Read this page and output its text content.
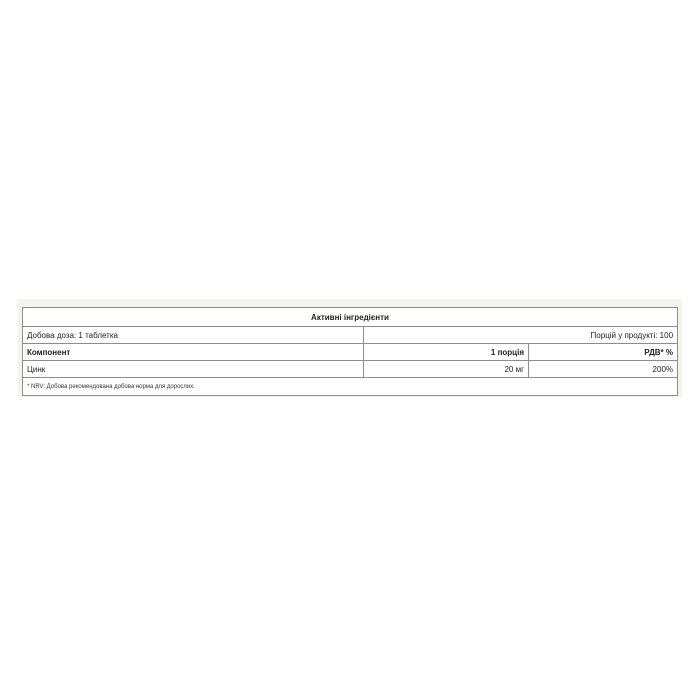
Активні інгредієнти		
Добова доза: 1 таблетка	Порцій у продукті: 100	
Компонент	1 порція	РДВ* %
Цинк	20 мг	200%
* NRV: Добова рекомендована добова норма для дорослих.		
